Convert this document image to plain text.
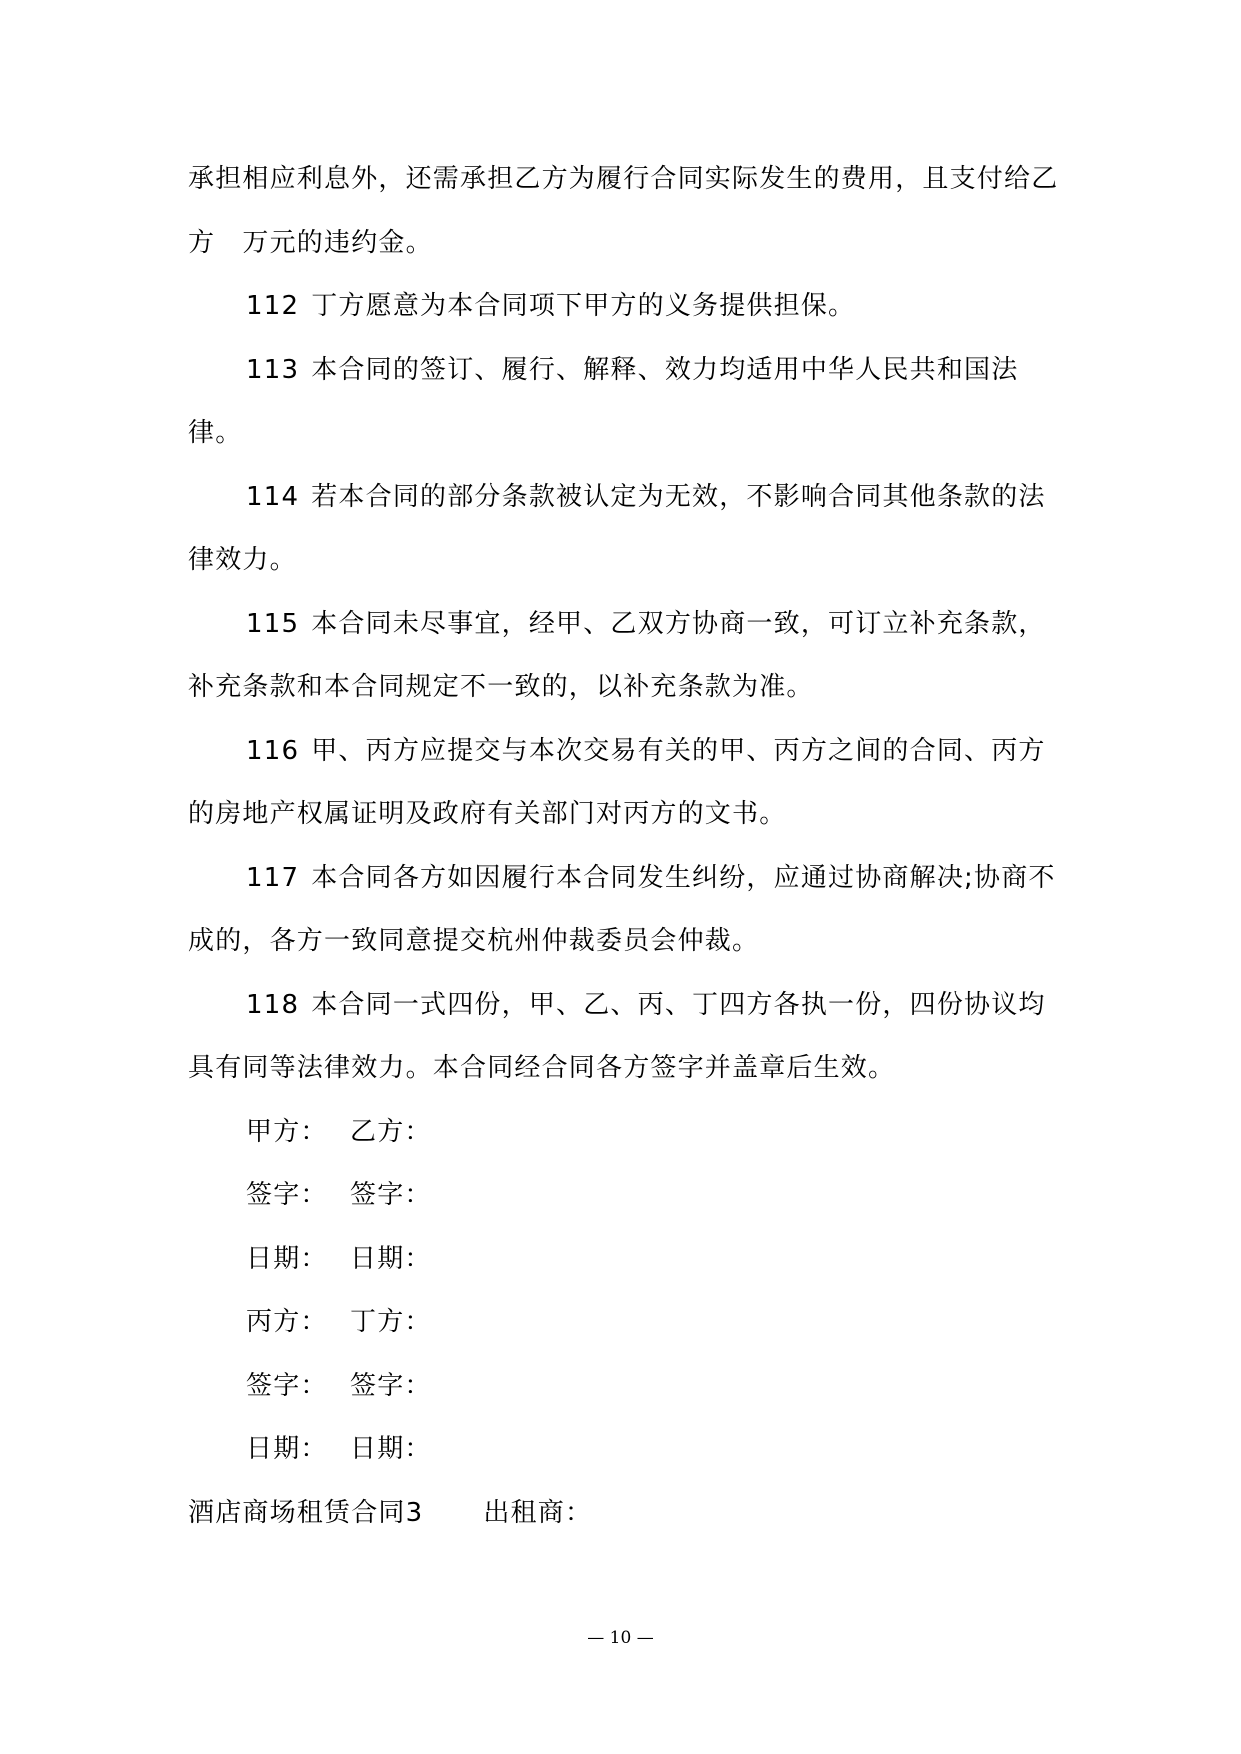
承担相应利息外，还需承担乙方为履行合同实际发生的费用，且支付给乙方　万元的违约金。

112 丁方愿意为本合同项下甲方的义务提供担保。

113 本合同的签订、履行、解释、效力均适用中华人民共和国法律。

114 若本合同的部分条款被认定为无效，不影响合同其他条款的法律效力。

115 本合同未尽事宜，经甲、乙双方协商一致，可订立补充条款，补充条款和本合同规定不一致的，以补充条款为准。

116 甲、丙方应提交与本次交易有关的甲、丙方之间的合同、丙方的房地产权属证明及政府有关部门对丙方的文书。

117 本合同各方如因履行本合同发生纠纷，应通过协商解决;协商不成的，各方一致同意提交杭州仲裁委员会仲裁。

118 本合同一式四份，甲、乙、丙、丁四方各执一份，四份协议均具有同等法律效力。本合同经合同各方签字并盖章后生效。

甲方： 乙方：

签字： 签字：

日期： 日期：

丙方： 丁方：

签字： 签字：

日期： 日期：

酒店商场租赁合同3 出租商：

— 10 —
